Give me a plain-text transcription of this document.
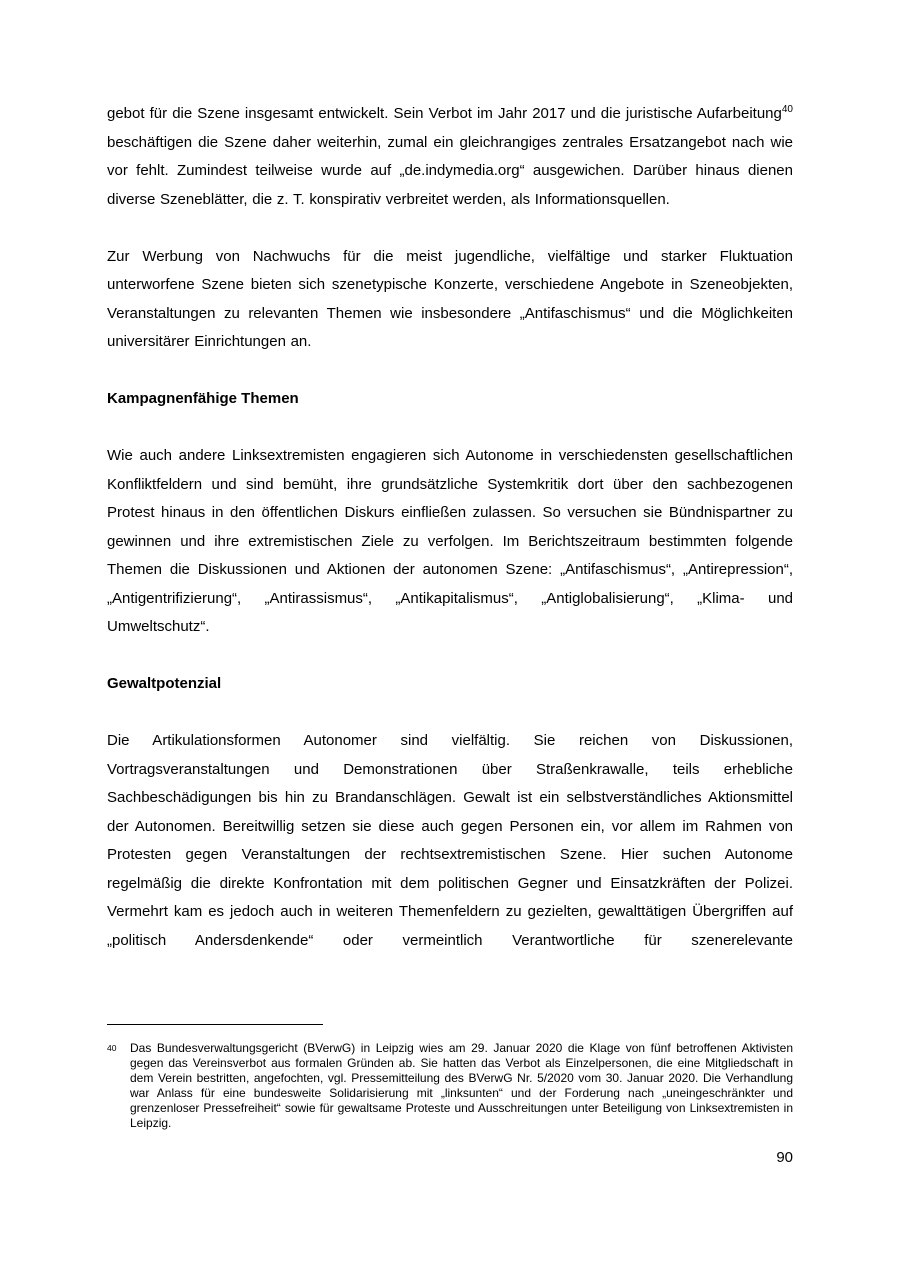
gebot für die Szene insgesamt entwickelt. Sein Verbot im Jahr 2017 und die juristische Aufarbeitung$^{40}$ beschäftigen die Szene daher weiterhin, zumal ein gleichrangiges zentrales Ersatzangebot nach wie vor fehlt. Zumindest teilweise wurde auf „de.indymedia.org“ ausgewichen. Darüber hinaus dienen diverse Szeneblätter, die z. T. konspirativ verbreitet werden, als Informationsquellen.

Zur Werbung von Nachwuchs für die meist jugendliche, vielfältige und starker Fluktuation unterworfene Szene bieten sich szenetypische Konzerte, verschiedene Angebote in Szeneobjekten, Veranstaltungen zu relevanten Themen wie insbesondere „Antifaschismus“ und die Möglichkeiten universitärer Einrichtungen an.

Kampagnenfähige Themen

Wie auch andere Linksextremisten engagieren sich Autonome in verschiedensten gesellschaftlichen Konfliktfeldern und sind bemüht, ihre grundsätzliche Systemkritik dort über den sachbezogenen Protest hinaus in den öffentlichen Diskurs einfließen zulassen. So versuchen sie Bündnispartner zu gewinnen und ihre extremistischen Ziele zu verfolgen. Im Berichtszeitraum bestimmten folgende Themen die Diskussionen und Aktionen der autonomen Szene: „Antifaschismus“, „Antirepression“, „Antigentrifizierung“, „Antirassismus“, „Antikapitalismus“, „Antiglobalisierung“, „Klima- und Umweltschutz“.

Gewaltpotenzial

Die Artikulationsformen Autonomer sind vielfältig. Sie reichen von Diskussionen, Vortragsveranstaltungen und Demonstrationen über Straßenkrawalle, teils erhebliche Sachbeschädigungen bis hin zu Brandanschlägen. Gewalt ist ein selbstverständliches Aktionsmittel der Autonomen. Bereitwillig setzen sie diese auch gegen Personen ein, vor allem im Rahmen von Protesten gegen Veranstaltungen der rechtsextremistischen Szene. Hier suchen Autonome regelmäßig die direkte Konfrontation mit dem politischen Gegner und Einsatzkräften der Polizei. Vermehrt kam es jedoch auch in weiteren Themenfeldern zu gezielten, gewalttätigen Übergriffen auf „politisch Andersdenkende“ oder vermeintlich Verantwortliche für szenerelevante

40	Das Bundesverwaltungsgericht (BVerwG) in Leipzig wies am 29. Januar 2020 die Klage von fünf betroffenen Aktivisten gegen das Vereinsverbot aus formalen Gründen ab. Sie hatten das Verbot als Einzelpersonen, die eine Mitgliedschaft in dem Verein bestritten, angefochten, vgl. Pressemitteilung des BVerwG Nr. 5/2020 vom 30. Januar 2020. Die Verhandlung war Anlass für eine bundesweite Solidarisierung mit „linksunten“ und der Forderung nach „uneingeschränkter und grenzenloser Pressefreiheit“ sowie für gewaltsame Proteste und Ausschreitungen unter Beteiligung von Linksextremisten in Leipzig.
90
